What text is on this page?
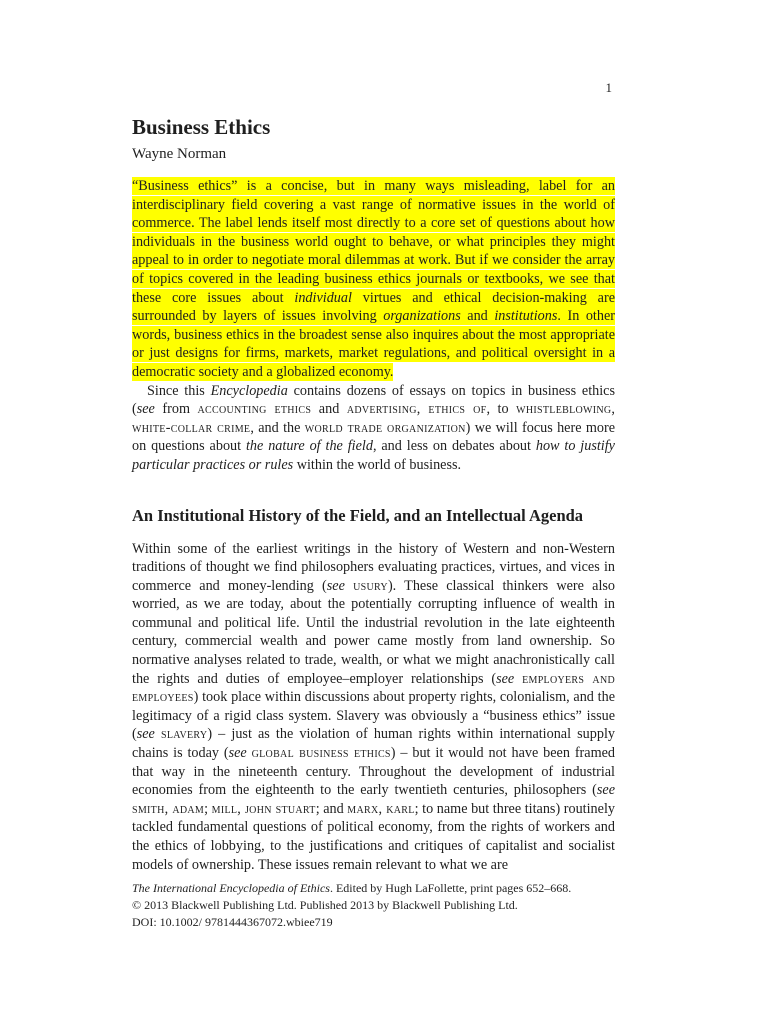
1
Business Ethics
Wayne Norman

“Business ethics” is a concise, but in many ways misleading, label for an interdisciplinary field covering a vast range of normative issues in the world of commerce. The label lends itself most directly to a core set of questions about how individuals in the business world ought to behave, or what principles they might appeal to in order to negotiate moral dilemmas at work. But if we consider the array of topics covered in the leading business ethics journals or textbooks, we see that these core issues about individual virtues and ethical decision-making are surrounded by layers of issues involving organizations and institutions. In other words, business ethics in the broadest sense also inquires about the most appropriate or just designs for firms, markets, market regulations, and political oversight in a democratic society and a globalized economy.

Since this Encyclopedia contains dozens of essays on topics in business ethics (see from accounting ethics and advertising, ethics of, to whistleblowing, white-collar crime, and the world trade organization) we will focus here more on questions about the nature of the field, and less on debates about how to justify particular practices or rules within the world of business.

An Institutional History of the Field, and an Intellectual Agenda

Within some of the earliest writings in the history of Western and non-Western traditions of thought we find philosophers evaluating practices, virtues, and vices in commerce and money-lending (see usury). These classical thinkers were also worried, as we are today, about the potentially corrupting influence of wealth in communal and political life. Until the industrial revolution in the late eighteenth century, commercial wealth and power came mostly from land ownership. So normative analyses related to trade, wealth, or what we might anachronistically call the rights and duties of employee–employer relationships (see employers and employees) took place within discussions about property rights, colonialism, and the legitimacy of a rigid class system. Slavery was obviously a “business ethics” issue (see slavery) – just as the violation of human rights within international supply chains is today (see global business ethics) – but it would not have been framed that way in the nineteenth century. Throughout the development of industrial economies from the eighteenth to the early twentieth centuries, philosophers (see smith, adam; mill, john stuart; and marx, karl; to name but three titans) routinely tackled fundamental questions of political economy, from the rights of workers and the ethics of lobbying, to the justifications and critiques of capitalist and socialist models of ownership. These issues remain relevant to what we are

The International Encyclopedia of Ethics. Edited by Hugh LaFollette, print pages 652–668.
© 2013 Blackwell Publishing Ltd. Published 2013 by Blackwell Publishing Ltd.
DOI: 10.1002/ 9781444367072.wbiee719
